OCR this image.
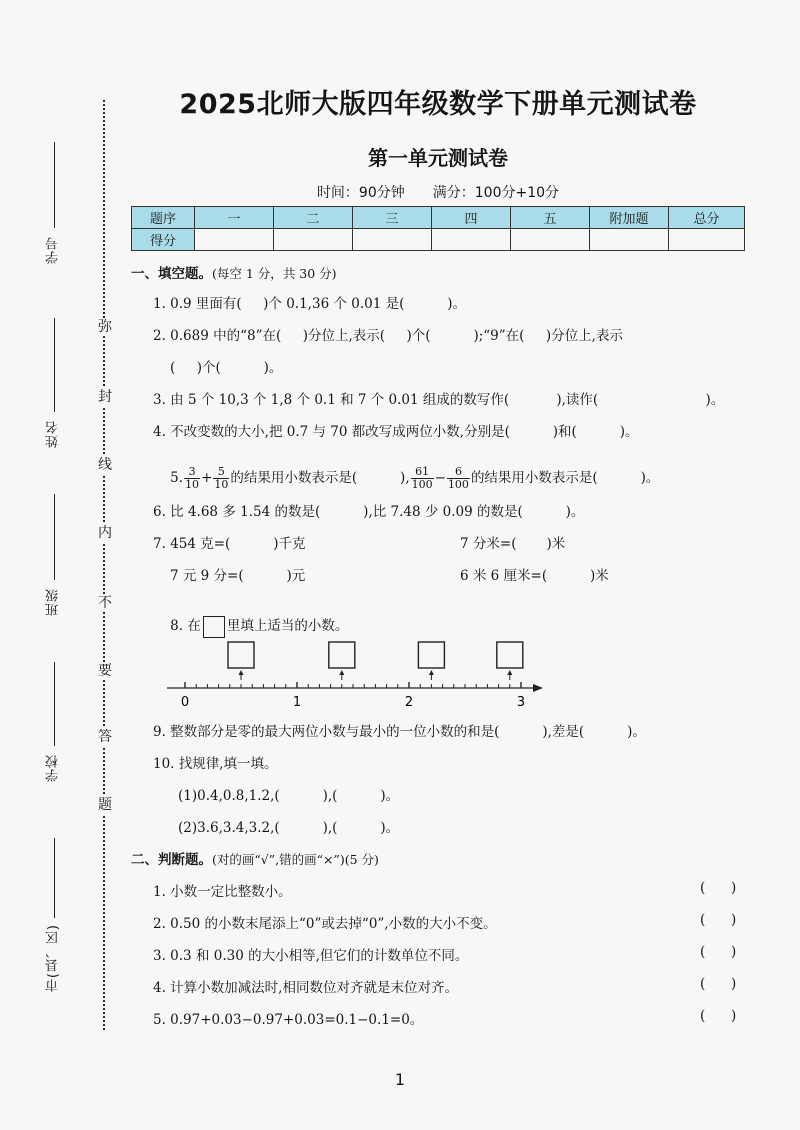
学号
姓名
班级
学校
市(县、区)
弥
封
线
内
不
要
答
题
2025北师大版四年级数学下册单元测试卷
第一单元测试卷
时间：90分钟 满分：100分+10分
题序	一	二	三	四	五	附加题	总分
得分							
一、填空题。(每空 1 分，共 30 分)
1. 0.9 里面有(     )个 0.1,36 个 0.01 是(          )。
2. 0.689 中的“8”在(     )分位上,表示(     )个(          );“9”在(     )分位上,表示
(     )个(          )。
3. 由 5 个 10,3 个 1,8 个 0.1 和 7 个 0.01 组成的数写作(           ),读作(                         )。
4. 不改变数的大小,把 0.7 与 70 都改写成两位小数,分别是(          )和(          )。

5. $\frac{3}{10} + \frac{5}{10}$ 的结果用小数表示是(          ), $\frac{61}{100} - \frac{6}{100}$ 的结果用小数表示是(          )。

6. 比 4.68 多 1.54 的数是(          ),比 7.48 少 0.09 的数是(          )。
7. 454 克=(          )千克	7 分米=(       )米
7 元 9 分=(          )元	6 米 6 厘米=(          )米

8. 在 里填上适当的小数。

0	1	2	3
9. 整数部分是零的最大两位小数与最小的一位小数的和是(          ),差是(          )。
10. 找规律,填一填。
(1)0.4,0.8,1.2,(          ),(          )。
(2)3.6,3.4,3.2,(          ),(          )。
二、判断题。(对的画“√”,错的画“×”)(5 分)
1. 小数一定比整数小。	(      )
2. 0.50 的小数末尾添上“0”或去掉“0”,小数的大小不变。	(      )
3. 0.3 和 0.30 的大小相等,但它们的计数单位不同。	(      )
4. 计算小数加减法时,相同数位对齐就是末位对齐。	(      )
5. 0.97+0.03−0.97+0.03=0.1−0.1=0。	(      )
1
